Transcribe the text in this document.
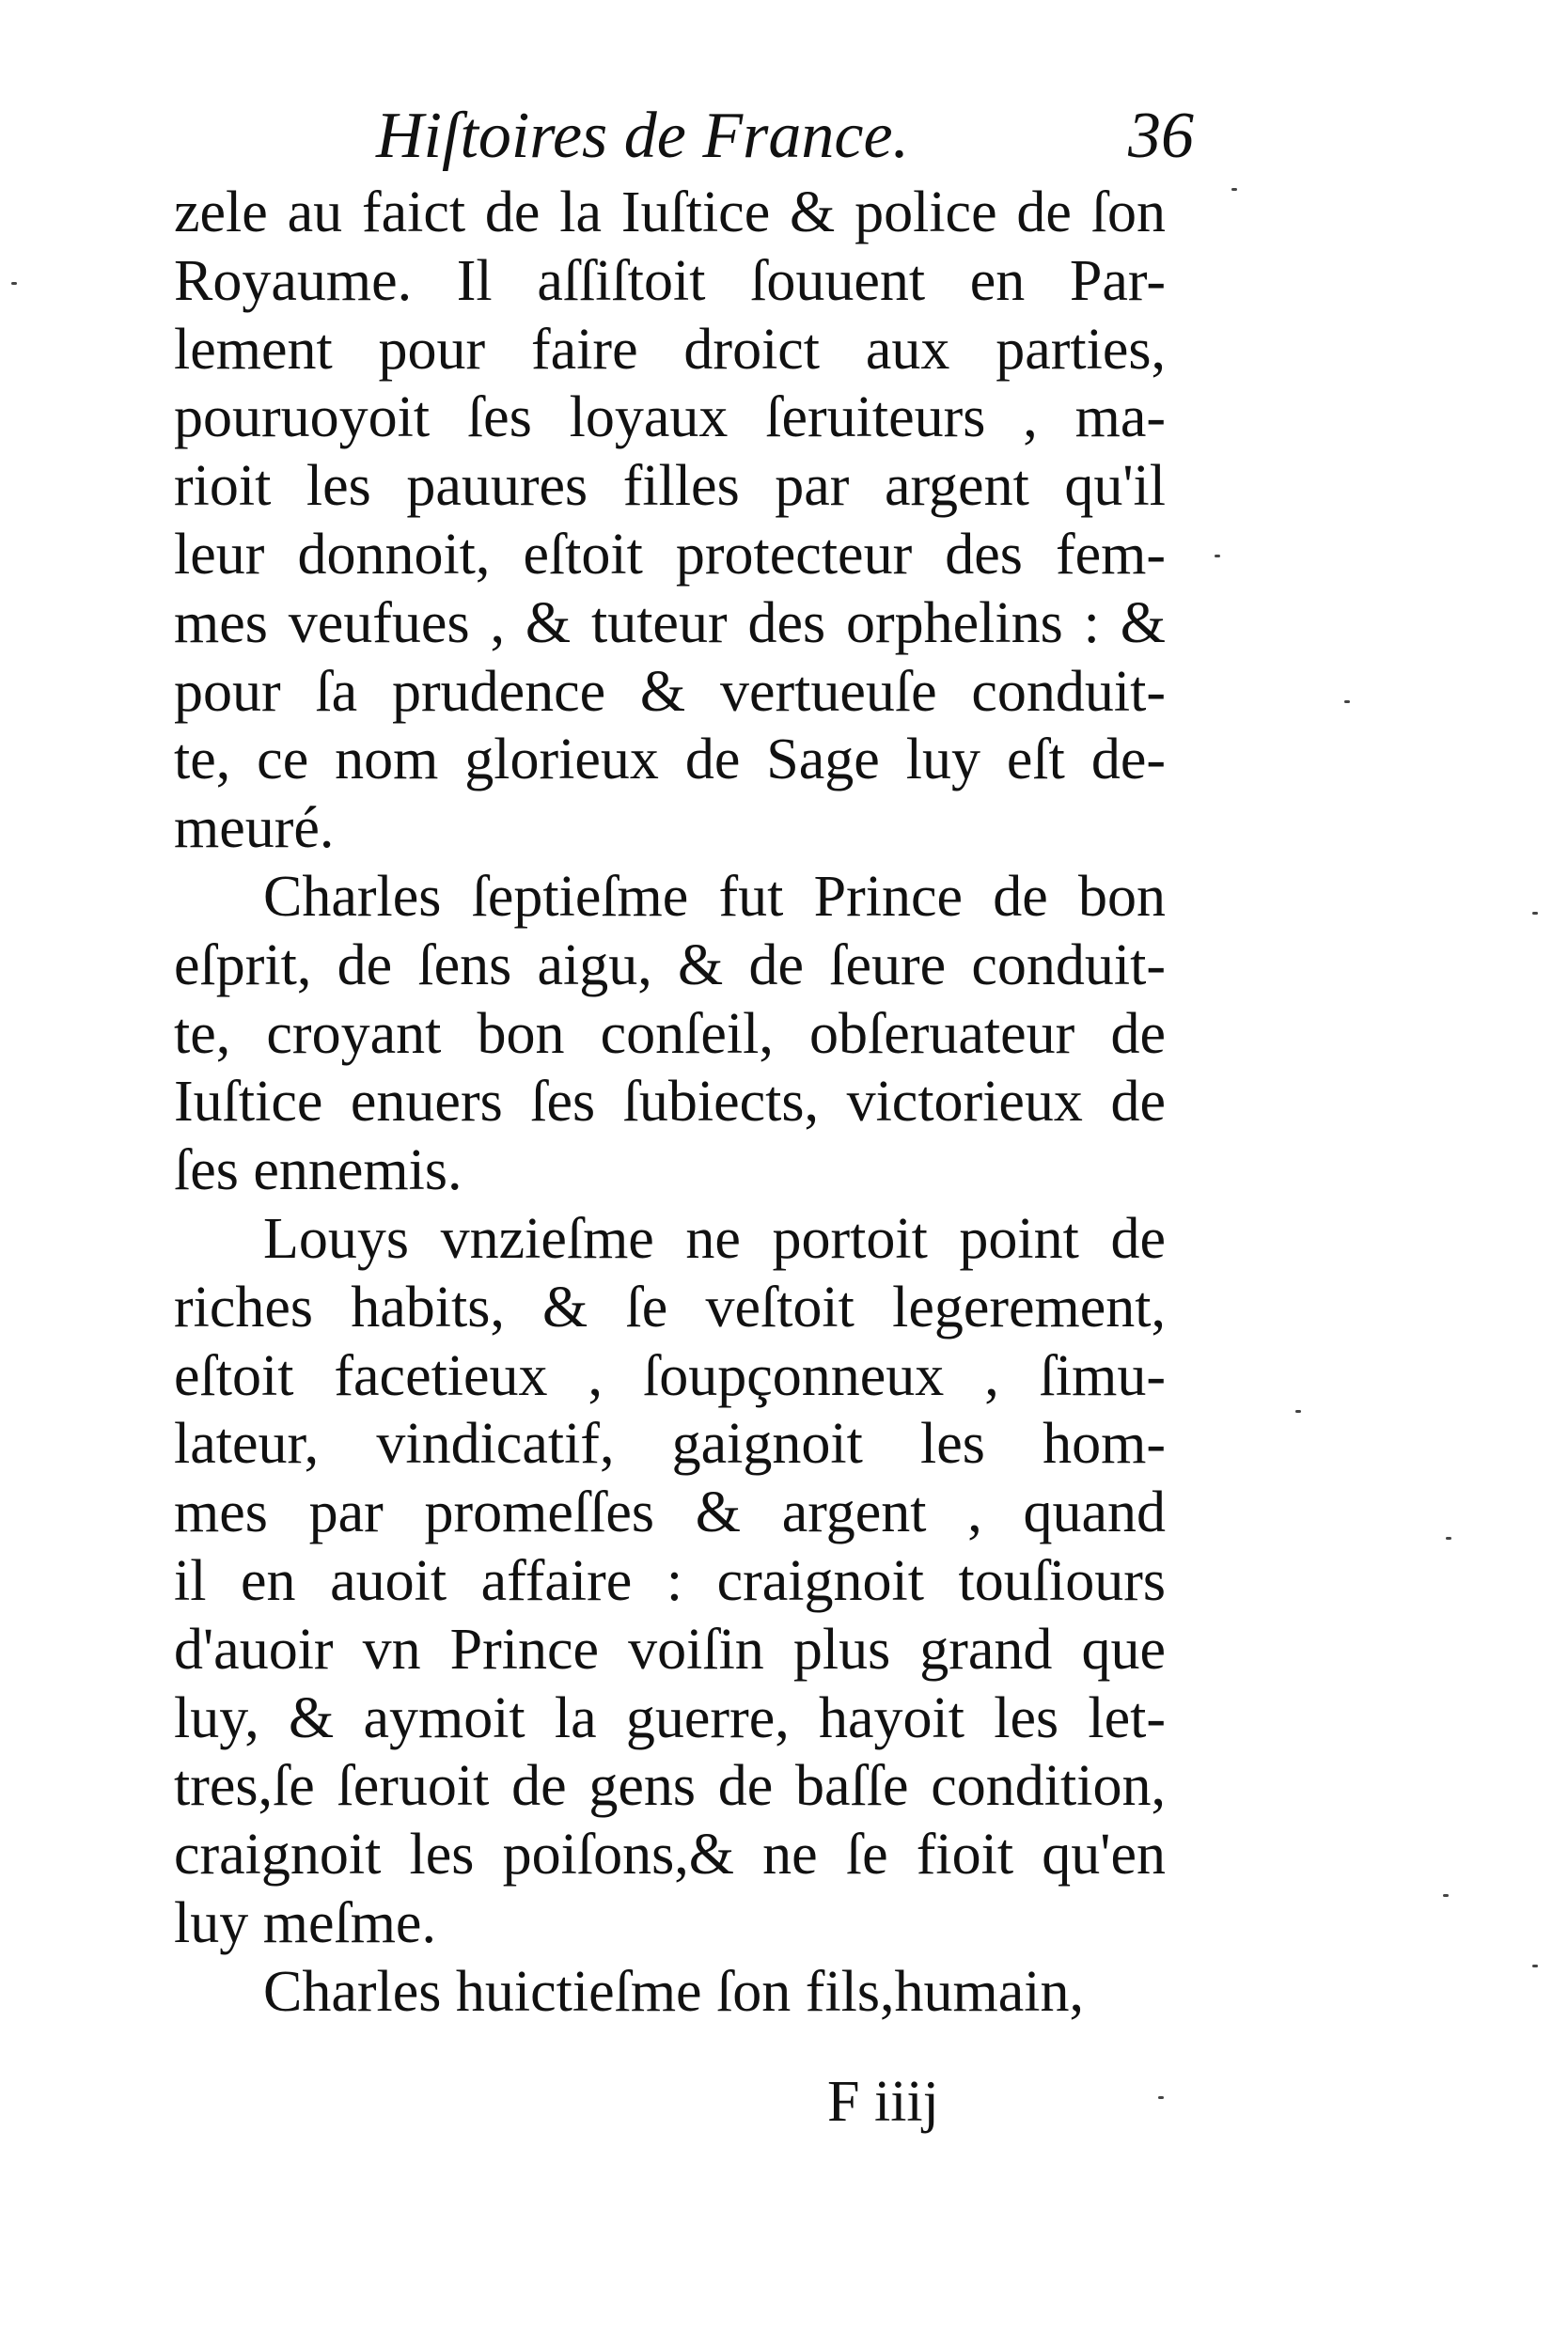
Hiſtoires de France.	36
zele au faict de la Iuſtice & police de ſon
Royaume. Il aſſiſtoit ſouuent en Par-
lement pour faire droict aux parties,
pouruoyoit ſes loyaux ſeruiteurs , ma-
rioit les pauures filles par argent qu'il
leur donnoit, eſtoit protecteur des fem-
mes veufues , & tuteur des orphelins : &
pour ſa prudence & vertueuſe conduit-
te, ce nom glorieux de Sage luy eſt de-
meuré.
Charles ſeptieſme fut Prince de bon
eſprit, de ſens aigu, & de ſeure conduit-
te, croyant bon conſeil, obſeruateur de
Iuſtice enuers ſes ſubiects, victorieux de
ſes ennemis.
Louys vnzieſme ne portoit point de
riches habits, & ſe veſtoit legerement,
eſtoit facetieux , ſoupçonneux , ſimu-
lateur, vindicatif, gaignoit les hom-
mes par promeſſes & argent , quand
il en auoit affaire : craignoit touſiours
d'auoir vn Prince voiſin plus grand que
luy, & aymoit la guerre, hayoit les let-
tres,ſe ſeruoit de gens de baſſe condition,
craignoit les poiſons,& ne ſe fioit qu'en
luy meſme.
Charles huictieſme ſon fils,humain,
F iiij
